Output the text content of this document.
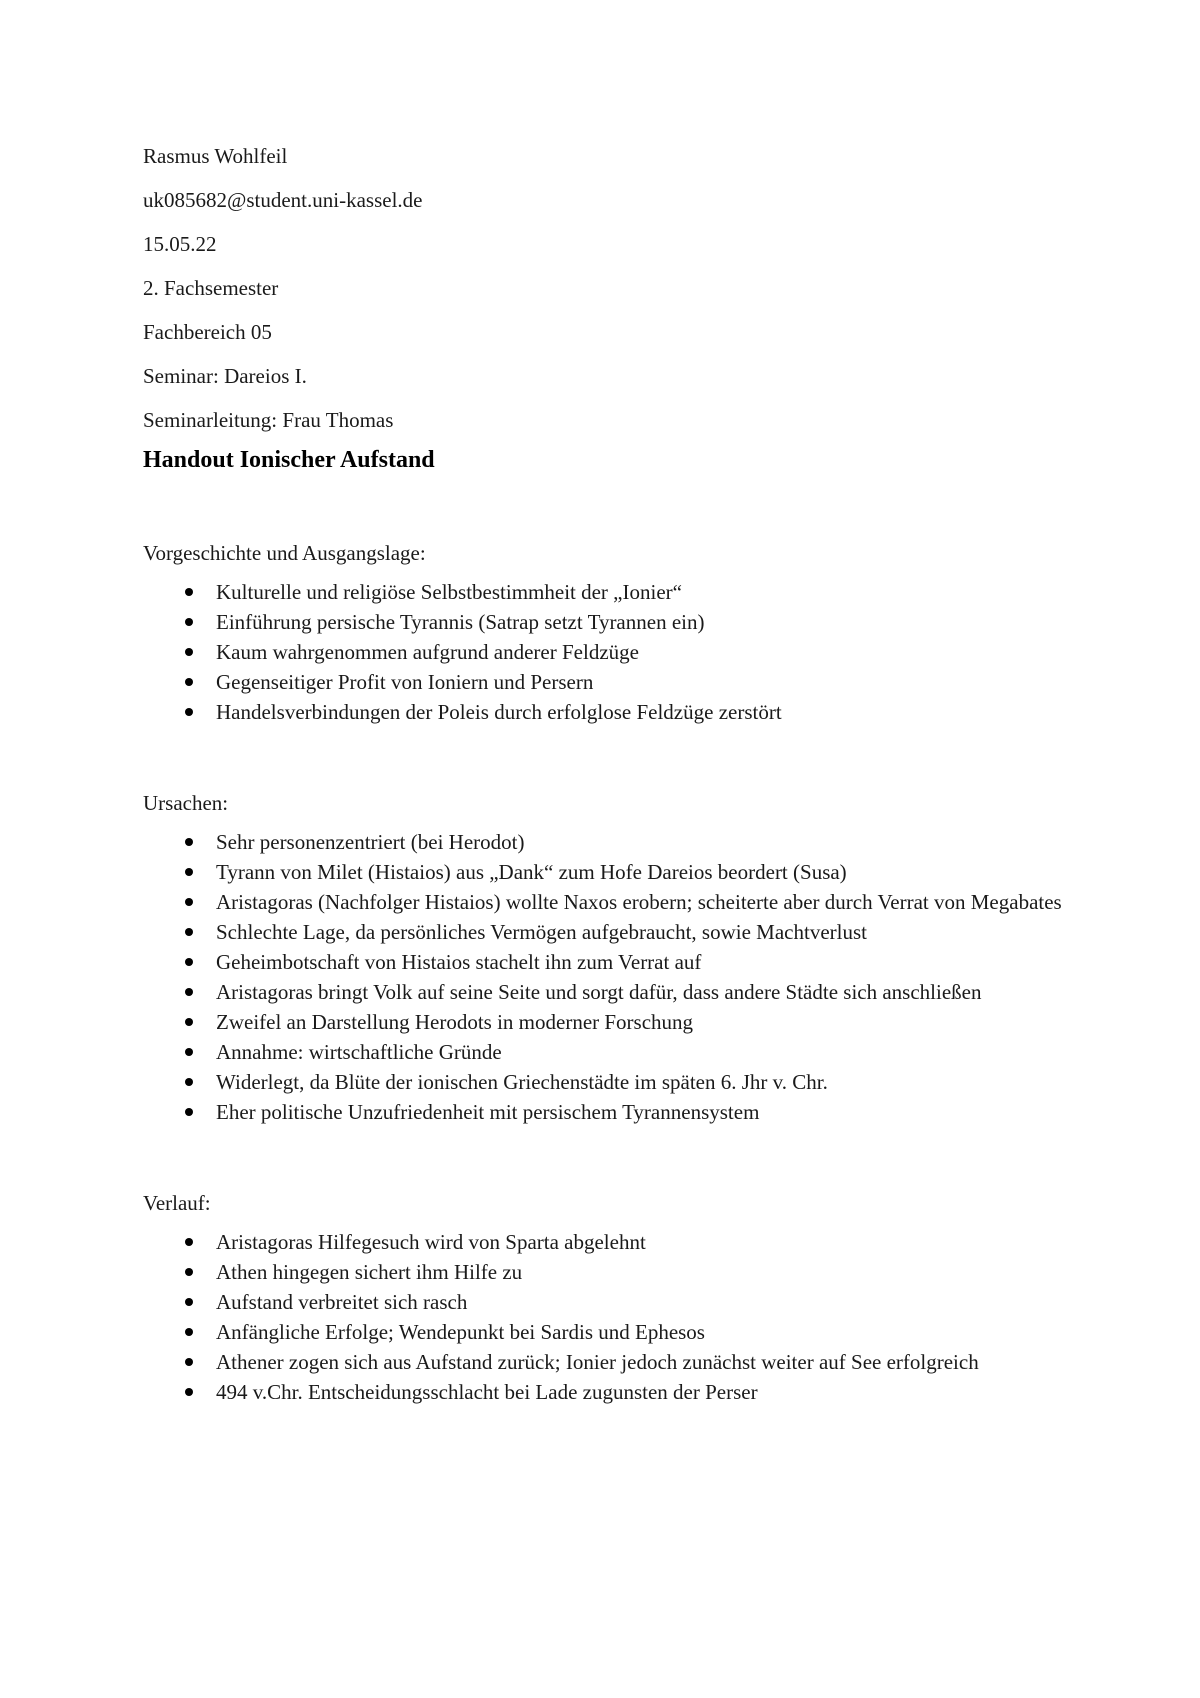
Rasmus Wohlfeil
uk085682@student.uni-kassel.de
15.05.22
2. Fachsemester
Fachbereich 05
Seminar: Dareios I.
Seminarleitung: Frau Thomas
Handout Ionischer Aufstand
Vorgeschichte und Ausgangslage:
Kulturelle und religiöse Selbstbestimmheit der „Ionier“
Einführung persische Tyrannis (Satrap setzt Tyrannen ein)
Kaum wahrgenommen aufgrund anderer Feldzüge
Gegenseitiger Profit von Ioniern und Persern
Handelsverbindungen der Poleis durch erfolglose Feldzüge zerstört
Ursachen:
Sehr personenzentriert (bei Herodot)
Tyrann von Milet (Histaios) aus „Dank“ zum Hofe Dareios beordert (Susa)
Aristagoras (Nachfolger Histaios) wollte Naxos erobern; scheiterte aber durch Verrat von Megabates
Schlechte Lage, da persönliches Vermögen aufgebraucht, sowie Machtverlust
Geheimbotschaft von Histaios stachelt ihn zum Verrat auf
Aristagoras bringt Volk auf seine Seite und sorgt dafür, dass andere Städte sich anschließen
Zweifel an Darstellung Herodots in moderner Forschung
Annahme: wirtschaftliche Gründe
Widerlegt, da Blüte der ionischen Griechenstädte im späten 6. Jhr v. Chr.
Eher politische Unzufriedenheit mit persischem Tyrannensystem
Verlauf:
Aristagoras Hilfegesuch wird von Sparta abgelehnt
Athen hingegen sichert ihm Hilfe zu
Aufstand verbreitet sich rasch
Anfängliche Erfolge; Wendepunkt bei Sardis und Ephesos
Athener zogen sich aus Aufstand zurück; Ionier jedoch zunächst weiter auf See erfolgreich
494 v.Chr. Entscheidungsschlacht bei Lade zugunsten der Perser
